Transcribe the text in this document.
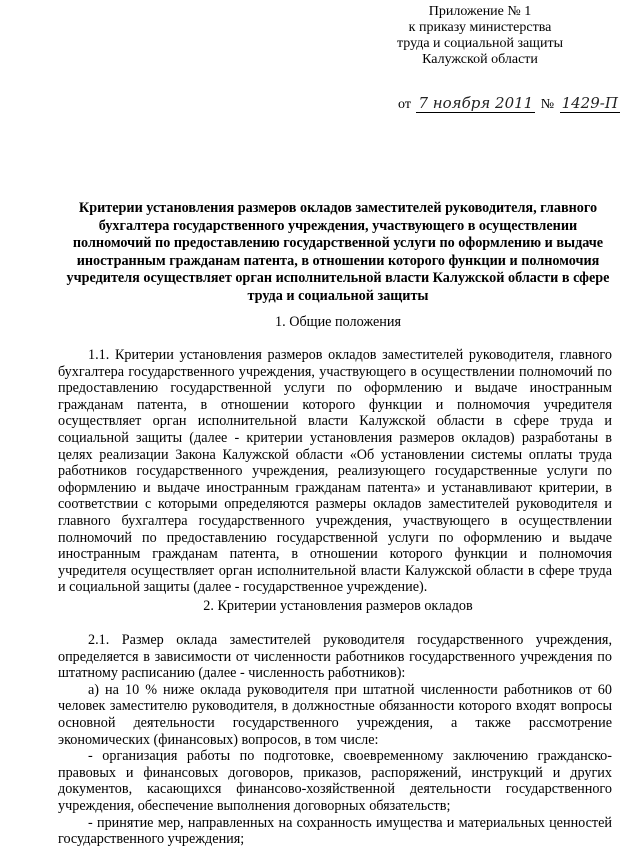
Приложение № 1
к приказу министерства
труда и социальной защиты
Калужской области
от 7 ноября 2011 № 1429-П
Критерии установления размеров окладов заместителей руководителя, главного
бухгалтера государственного учреждения, участвующего в осуществлении
полномочий по предоставлению государственной услуги по оформлению и выдаче
иностранным гражданам патента, в отношении которого функции и полномочия
учредителя осуществляет орган исполнительной власти Калужской области в сфере
труда и социальной защиты
1. Общие положения
1.1. Критерии установления размеров окладов заместителей руководителя, главного
бухгалтера государственного учреждения, участвующего в осуществлении полномочий по
предоставлению государственной услуги по оформлению и выдаче иностранным
гражданам патента, в отношении которого функции и полномочия учредителя
осуществляет орган исполнительной власти Калужской области в сфере труда и
социальной защиты (далее - критерии установления размеров окладов) разработаны в
целях реализации Закона Калужской области «Об установлении системы оплаты труда
работников государственного учреждения, реализующего государственные услуги по
оформлению и выдаче иностранным гражданам патента» и устанавливают критерии, в
соответствии с которыми определяются размеры окладов заместителей руководителя и
главного бухгалтера государственного учреждения, участвующего в осуществлении
полномочий по предоставлению государственной услуги по оформлению и выдаче
иностранным гражданам патента, в отношении которого функции и полномочия
учредителя осуществляет орган исполнительной власти Калужской области в сфере труда
и социальной защиты (далее - государственное учреждение).
2. Критерии установления размеров окладов
2.1. Размер оклада заместителей руководителя государственного учреждения,
определяется в зависимости от численности работников государственного учреждения по
штатному расписанию (далее - численность работников):
а) на 10 % ниже оклада руководителя при штатной численности работников от 60
человек заместителю руководителя, в должностные обязанности которого входят вопросы
основной деятельности государственного учреждения, а также рассмотрение
экономических (финансовых) вопросов, в том числе:
- организация работы по подготовке, своевременному заключению гражданско-
правовых и финансовых договоров, приказов, распоряжений, инструкций и других
документов, касающихся финансово-хозяйственной деятельности государственного
учреждения, обеспечение выполнения договорных обязательств;
- принятие мер, направленных на сохранность имущества и материальных ценностей
государственного учреждения;
